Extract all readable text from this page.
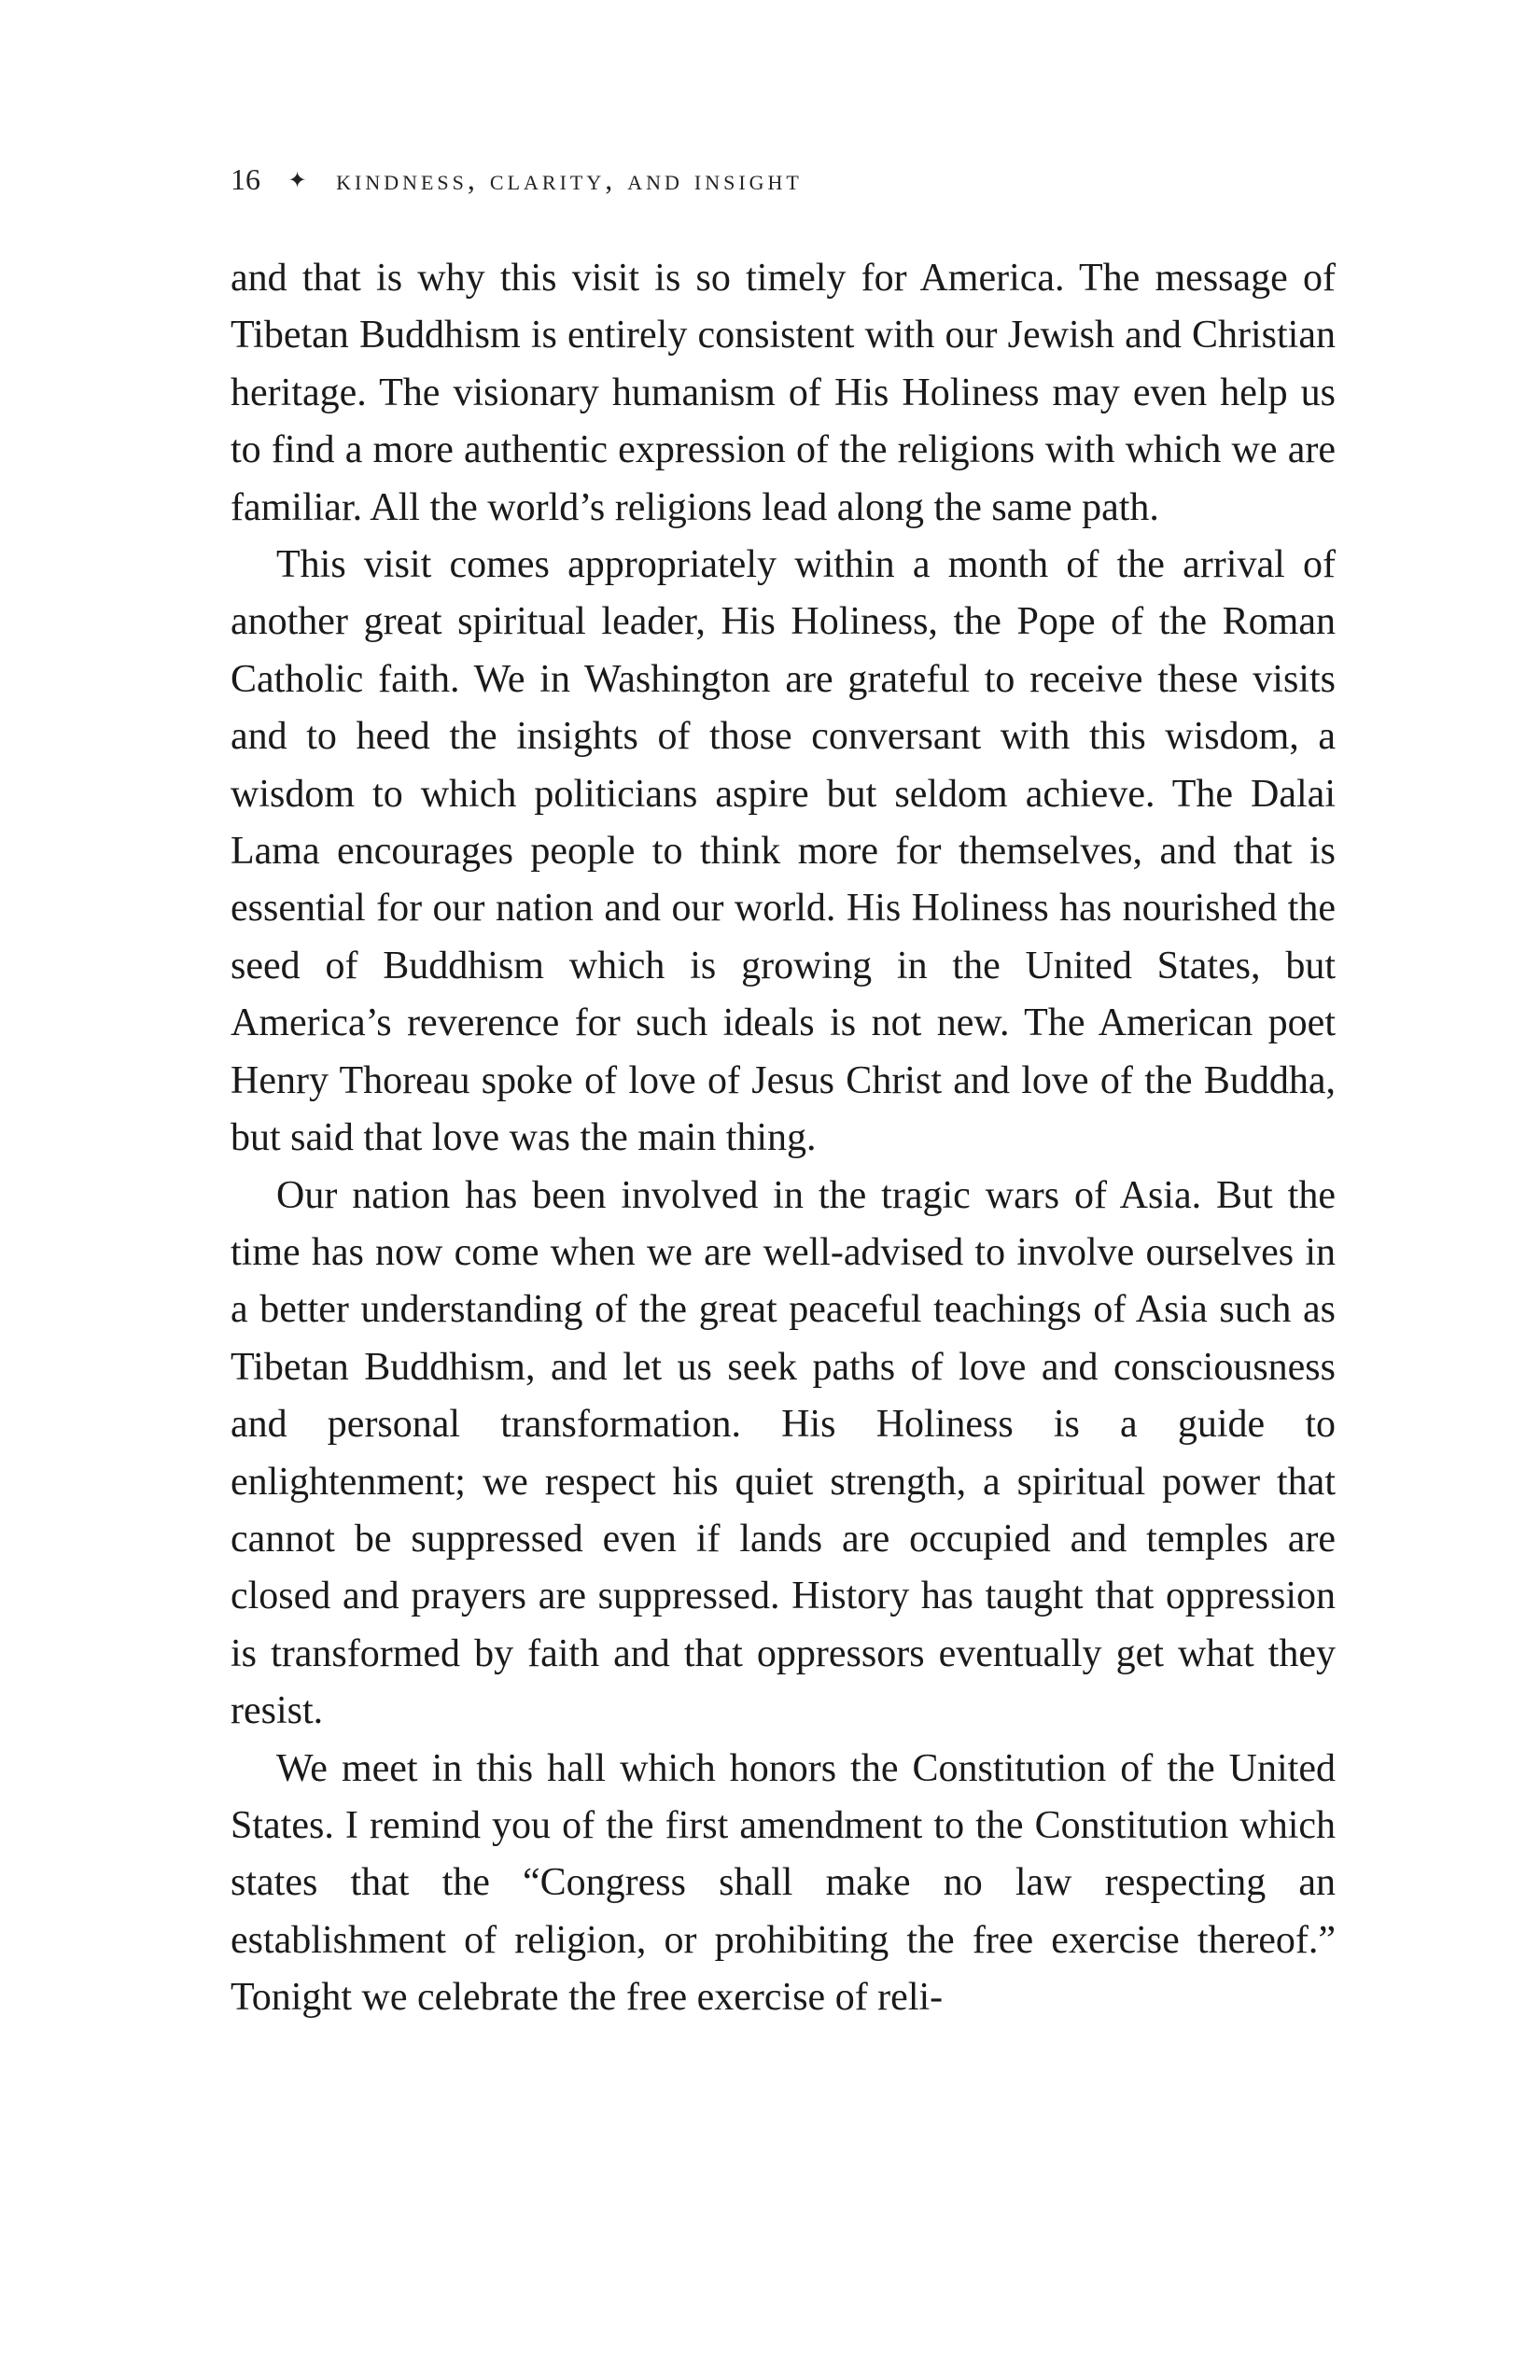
16 ✦ kindness, clarity, and insight

and that is why this visit is so timely for America. The message of Tibetan Buddhism is entirely consistent with our Jewish and Christian heritage. The visionary humanism of His Holiness may even help us to find a more authentic expression of the religions with which we are familiar. All the world’s religions lead along the same path.

This visit comes appropriately within a month of the arrival of another great spiritual leader, His Holiness, the Pope of the Roman Catholic faith. We in Washington are grateful to receive these visits and to heed the insights of those conversant with this wisdom, a wisdom to which politicians aspire but seldom achieve. The Dalai Lama encourages people to think more for themselves, and that is essential for our nation and our world. His Holiness has nourished the seed of Buddhism which is growing in the United States, but America’s reverence for such ideals is not new. The American poet Henry Thoreau spoke of love of Jesus Christ and love of the Buddha, but said that love was the main thing.

Our nation has been involved in the tragic wars of Asia. But the time has now come when we are well-advised to involve ourselves in a better understanding of the great peaceful teachings of Asia such as Tibetan Buddhism, and let us seek paths of love and consciousness and personal transformation. His Holiness is a guide to enlightenment; we respect his quiet strength, a spiritual power that cannot be suppressed even if lands are occupied and temples are closed and prayers are suppressed. History has taught that oppression is transformed by faith and that oppressors eventually get what they resist.

We meet in this hall which honors the Constitution of the United States. I remind you of the first amendment to the Constitution which states that the “Congress shall make no law respecting an establishment of religion, or prohibiting the free exercise thereof.” Tonight we celebrate the free exercise of reli-
